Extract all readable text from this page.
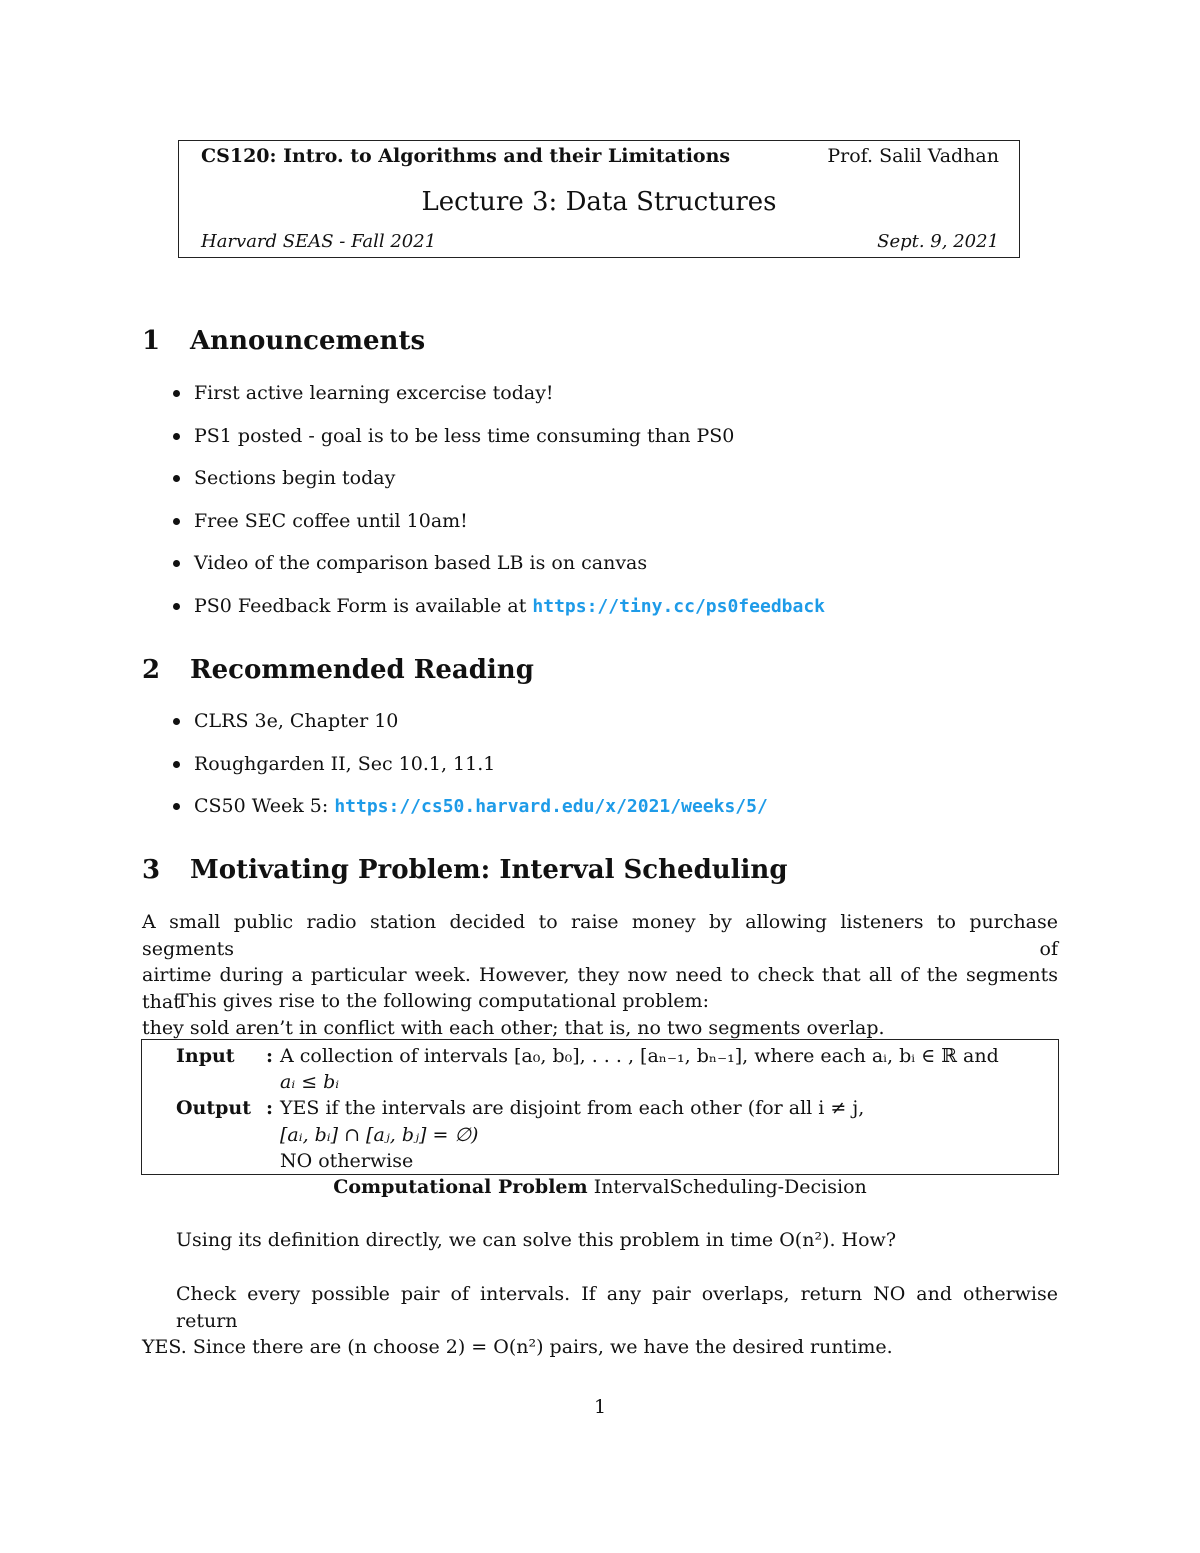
CS120: Intro. to Algorithms and their Limitations	Prof. Salil Vadhan
Lecture 3: Data Structures
Harvard SEAS - Fall 2021	Sept. 9, 2021
1 Announcements
First active learning excercise today!
PS1 posted - goal is to be less time consuming than PS0
Sections begin today
Free SEC coffee until 10am!
Video of the comparison based LB is on canvas
PS0 Feedback Form is available at https://tiny.cc/ps0feedback
2 Recommended Reading
CLRS 3e, Chapter 10
Roughgarden II, Sec 10.1, 11.1
CS50 Week 5: https://cs50.harvard.edu/x/2021/weeks/5/
3 Motivating Problem: Interval Scheduling
A small public radio station decided to raise money by allowing listeners to purchase segments of
airtime during a particular week. However, they now need to check that all of the segments that
they sold aren’t in conflict with each other; that is, no two segments overlap.
This gives rise to the following computational problem:
Input : A collection of intervals [a₀, b₀], . . . , [aₙ₋₁, bₙ₋₁], where each aᵢ, bᵢ ∈ ℝ and
aᵢ ≤ bᵢ
Output : YES if the intervals are disjoint from each other (for all i ≠ j,
[aᵢ, bᵢ] ∩ [aⱼ, bⱼ] = ∅)
NO otherwise
Computational Problem IntervalScheduling-Decision
Using its definition directly, we can solve this problem in time O(n²). How?
Check every possible pair of intervals. If any pair overlaps, return NO and otherwise return
YES. Since there are (n choose 2) = O(n²) pairs, we have the desired runtime.
1
